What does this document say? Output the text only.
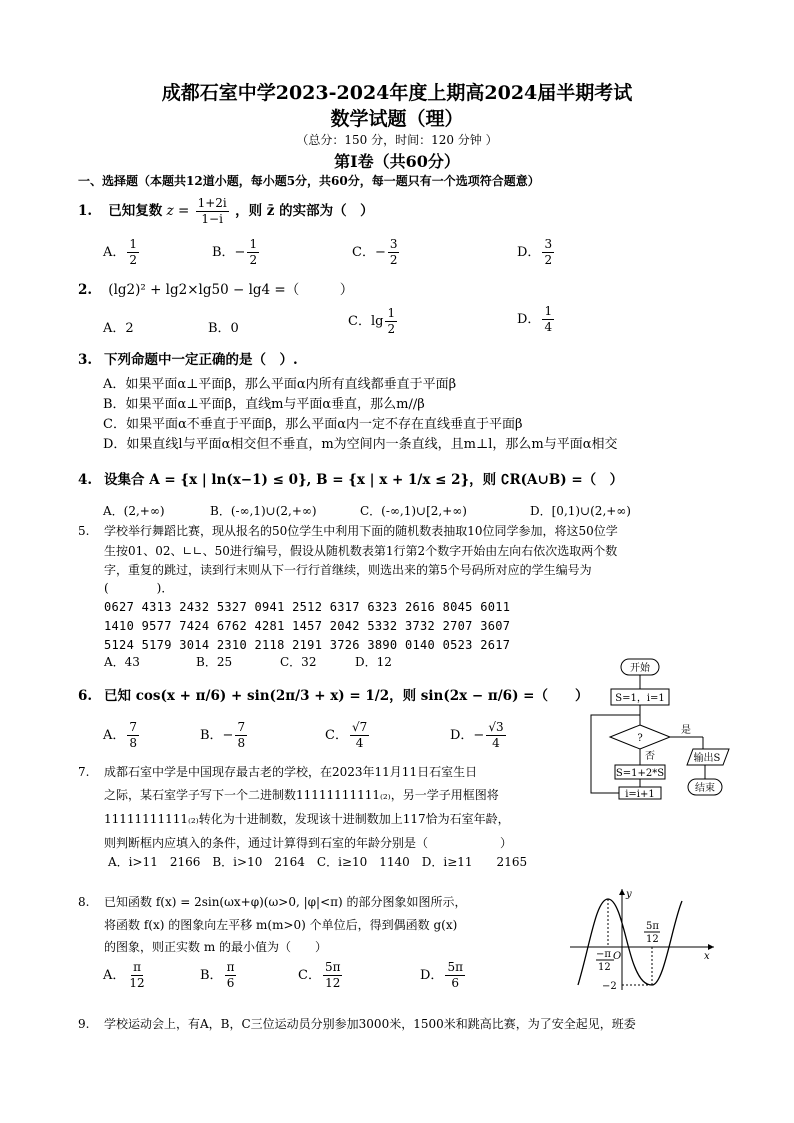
成都石室中学2023-2024年度上期高2024届半期考试
数学试题（理）
（总分：150 分，时间：120 分钟 ）
第Ⅰ卷（共60分）
一、选择题（本题共12道小题，每小题5分，共60分，每一题只有一个选项符合题意）
1. 已知复数 $z = \frac{1+2i}{1-i}$ ，则 z̄ 的实部为（　）
A． $\frac{1}{2}$	B．− $\frac{1}{2}$	C．− $\frac{3}{2}$	D． $\frac{3}{2}$
2. (lg2)² + lg2×lg50 − lg4 =（　　　）
A．2	B．0	C．$\lg \frac{1}{2}$	D． $\frac{1}{4}$
3. 下列命题中一定正确的是（　）.
A．如果平面α⊥平面β，那么平面α内所有直线都垂直于平面β
B．如果平面α⊥平面β，直线m与平面α垂直，那么m//β
C．如果平面α不垂直于平面β，那么平面α内一定不存在直线垂直于平面β
D．如果直线l与平面α相交但不垂直，m为空间内一条直线，且m⊥l，那么m与平面α相交
4. 设集合 A = {x | ln(x−1) ≤ 0}, B = {x | x + 1/x ≤ 2}，则 ∁R(A∪B) =（　）
A．(2,+∞)	B．(-∞,1)∪(2,+∞)	C．(-∞,1)∪[2,+∞)	D．[0,1)∪(2,+∞)
5. 学校举行舞蹈比赛，现从报名的50位学生中利用下面的随机数表抽取10位同学参加，将这50位学
生按01、02、∟∟、50进行编号，假设从随机数表第1行第2个数字开始由左向右依次选取两个数
字，重复的跳过，读到行末则从下一行行首继续，则选出来的第5个号码所对应的学生编号为
(　　　　)．
0627 4313 2432 5327 0941 2512 6317 6323 2616 8045 6011
1410 9577 7424 6762 4281 1457 2042 5332 3732 2707 3607
5124 5179 3014 2310 2118 2191 3726 3890 0140 0523 2617
A．43	B．25	C．32	D．12
6. 已知 cos(x + π/6) + sin(2π/3 + x) = 1/2，则 sin(2x − π/6) =（　　）
A． $\frac{7}{8}$	B．− $\frac{7}{8}$	C． $\frac{√7}{4}$	D．− $\frac{√3}{4}$
7. 成都石室中学是中国现存最古老的学校，在2023年11月11日石室生日
之际，某石室学子写下一个二进制数11111111111₍₂₎，另一学子用框图将
11111111111₍₂₎转化为十进制数，发现该十进制数加上117恰为石室年龄，
则判断框内应填入的条件，通过计算得到石室的年龄分别是（　　　　　　）
A．i>11　2166　B．i>10　2164　C．i≥10　1140　D．i≥11　　2165
开始
S=1，i=1
?
是
输出S
结束
否
S=1+2*S
i=i+1
8. 已知函数 f(x) = 2sin(ωx+φ)(ω>0, |φ|<π) 的部分图象如图所示，
将函数 f(x) 的图象向左平移 m(m>0) 个单位后，得到偶函数 g(x)
的图象，则正实数 m 的最小值为（　　）
A． $\frac{\pi}{12}$	B． $\frac{\pi}{6}$	C． $\frac{5\pi}{12}$	D． $\frac{5\pi}{6}$
y
x
O
5π
12
−π
12
−2
9. 学校运动会上，有A，B，C三位运动员分别参加3000米，1500米和跳高比赛，为了安全起见，班委
